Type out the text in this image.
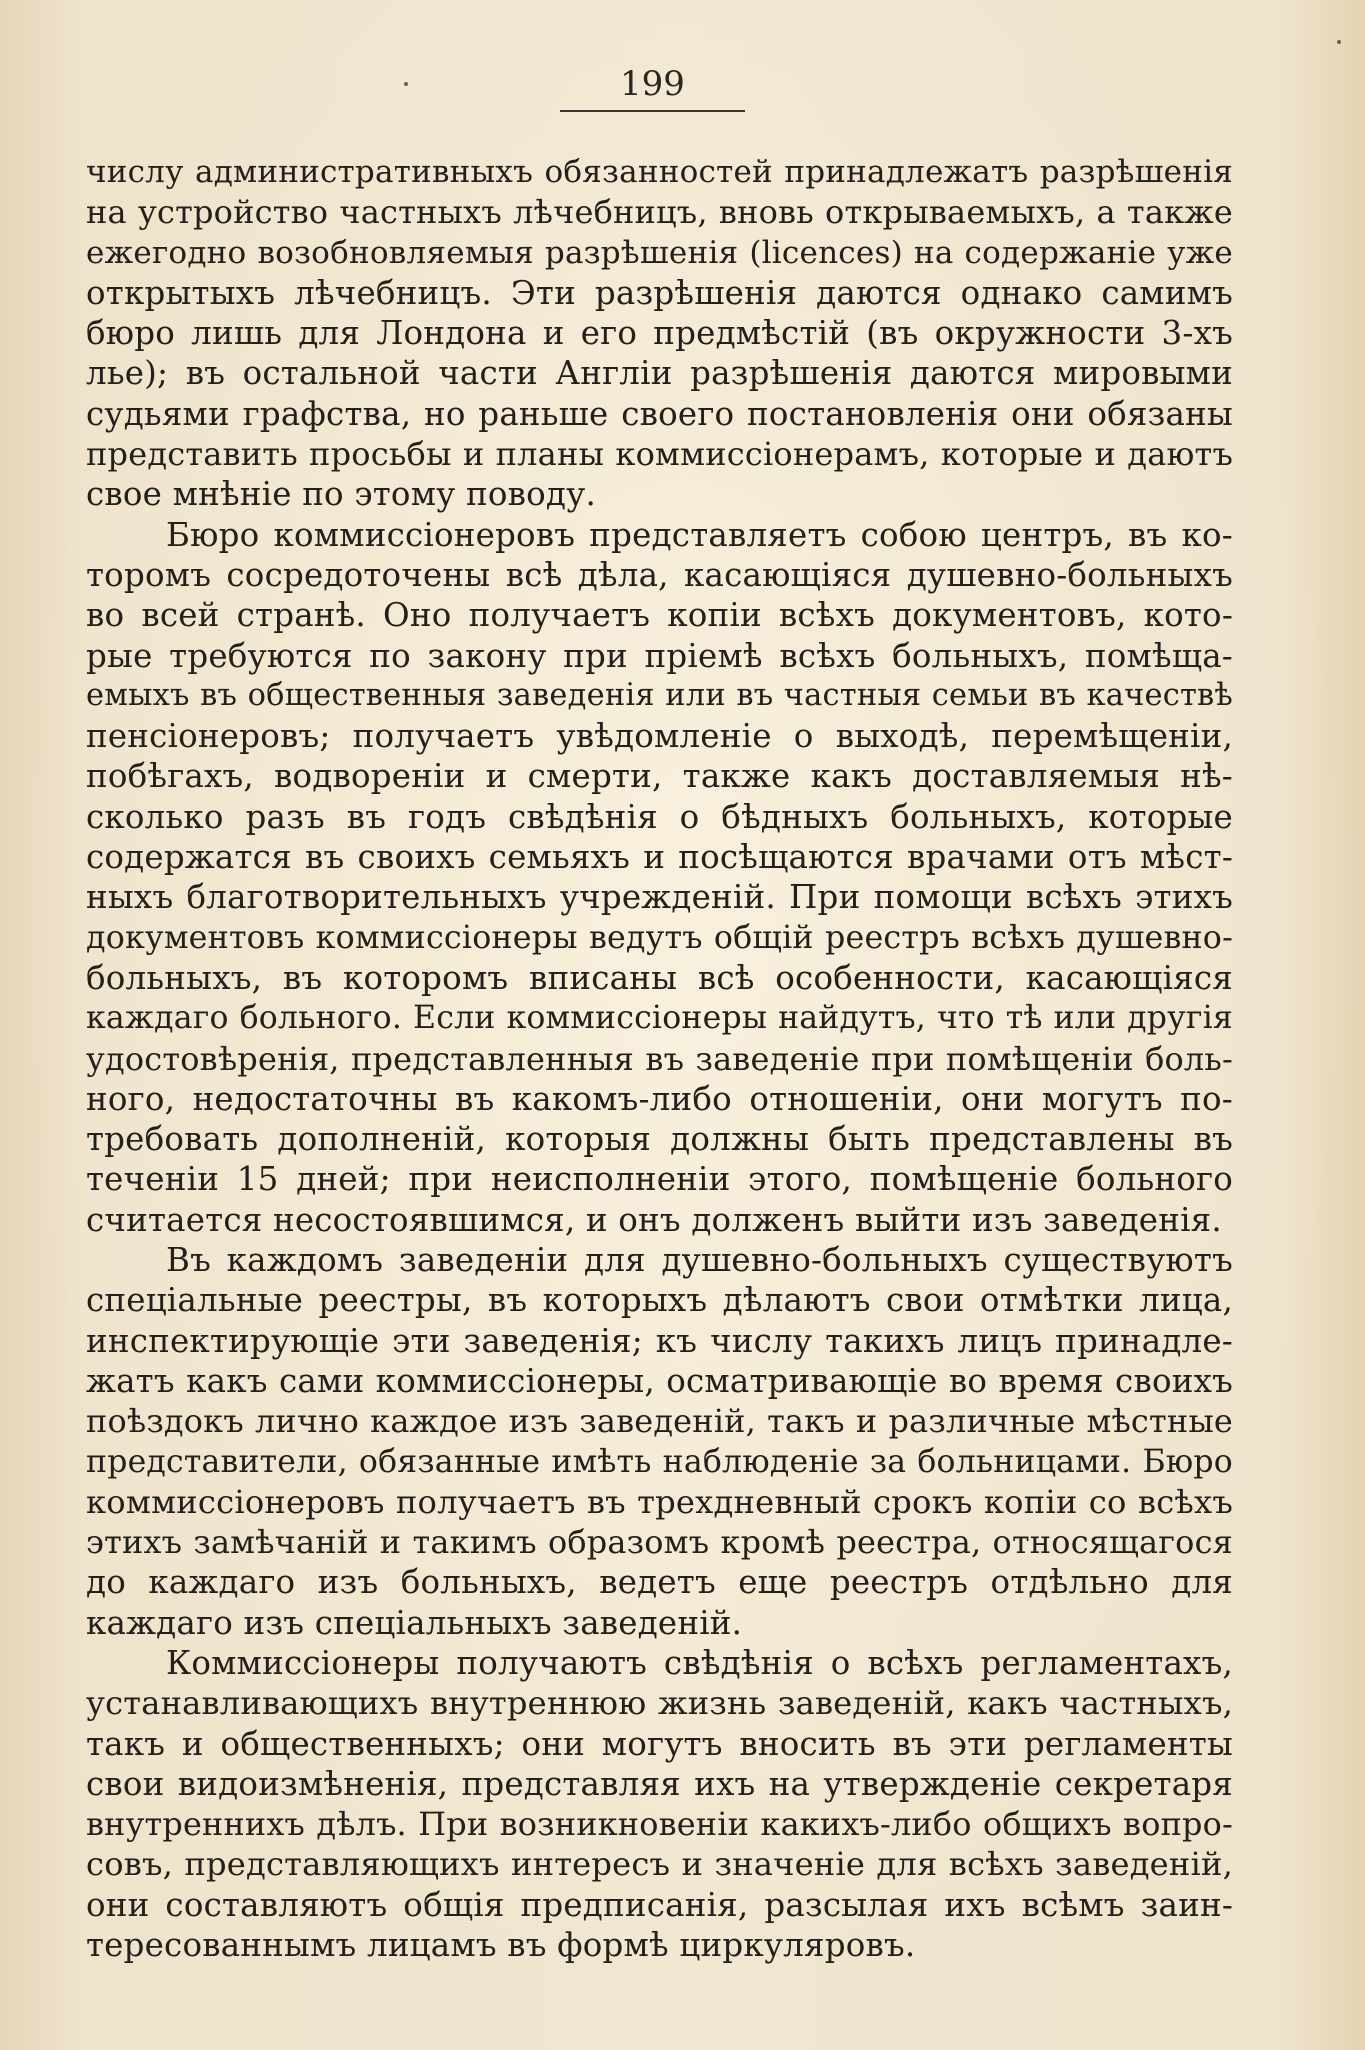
199
числу административныхъ обязанностей принадлежатъ разрѣшенія
на устройство частныхъ лѣчебницъ, вновь открываемыхъ, а также
ежегодно возобновляемыя разрѣшенія (licences) на содержаніе уже
открытыхъ лѣчебницъ. Эти разрѣшенія даются однако самимъ
бюро лишь для Лондона и его предмѣстій (въ окружности 3-хъ
лье); въ остальной части Англіи разрѣшенія даются мировыми
судьями графства, но раньше своего постановленія они обязаны
представить просьбы и планы коммиссіонерамъ, которые и даютъ
свое мнѣніе по этому поводу.
Бюро коммиссіонеровъ представляетъ собою центръ, въ ко-
торомъ сосредоточены всѣ дѣла, касающіяся душевно-больныхъ
во всей странѣ. Оно получаетъ копіи всѣхъ документовъ, кото-
рые требуются по закону при пріемѣ всѣхъ больныхъ, помѣща-
емыхъ въ общественныя заведенія или въ частныя семьи въ качествѣ
пенсіонеровъ; получаетъ увѣдомленіе о выходѣ, перемѣщеніи,
побѣгахъ, водвореніи и смерти, также какъ доставляемыя нѣ-
сколько разъ въ годъ свѣдѣнія о бѣдныхъ больныхъ, которые
содержатся въ своихъ семьяхъ и посѣщаются врачами отъ мѣст-
ныхъ благотворительныхъ учрежденій. При помощи всѣхъ этихъ
документовъ коммиссіонеры ведутъ общій реестръ всѣхъ душевно-
больныхъ, въ которомъ вписаны всѣ особенности, касающіяся
каждаго больного. Если коммиссіонеры найдутъ, что тѣ или другія
удостовѣренія, представленныя въ заведеніе при помѣщеніи боль-
ного, недостаточны въ какомъ-либо отношеніи, они могутъ по-
требовать дополненій, которыя должны быть представлены въ
теченіи 15 дней; при неисполненіи этого, помѣщеніе больного
считается несостоявшимся, и онъ долженъ выйти изъ заведенія.
Въ каждомъ заведеніи для душевно-больныхъ существуютъ
спеціальные реестры, въ которыхъ дѣлаютъ свои отмѣтки лица,
инспектирующіе эти заведенія; къ числу такихъ лицъ принадле-
жатъ какъ сами коммиссіонеры, осматривающіе во время своихъ
поѣздокъ лично каждое изъ заведеній, такъ и различные мѣстные
представители, обязанные имѣть наблюденіе за больницами. Бюро
коммиссіонеровъ получаетъ въ трехдневный срокъ копіи со всѣхъ
этихъ замѣчаній и такимъ образомъ кромѣ реестра, относящагося
до каждаго изъ больныхъ, ведетъ еще реестръ отдѣльно для
каждаго изъ спеціальныхъ заведеній.
Коммиссіонеры получаютъ свѣдѣнія о всѣхъ регламентахъ,
устанавливающихъ внутреннюю жизнь заведеній, какъ частныхъ,
такъ и общественныхъ; они могутъ вносить въ эти регламенты
свои видоизмѣненія, представляя ихъ на утвержденіе секретаря
внутреннихъ дѣлъ. При возникновеніи какихъ-либо общихъ вопро-
совъ, представляющихъ интересъ и значеніе для всѣхъ заведеній,
они составляютъ общія предписанія, разсылая ихъ всѣмъ заин-
тересованнымъ лицамъ въ формѣ циркуляровъ.
